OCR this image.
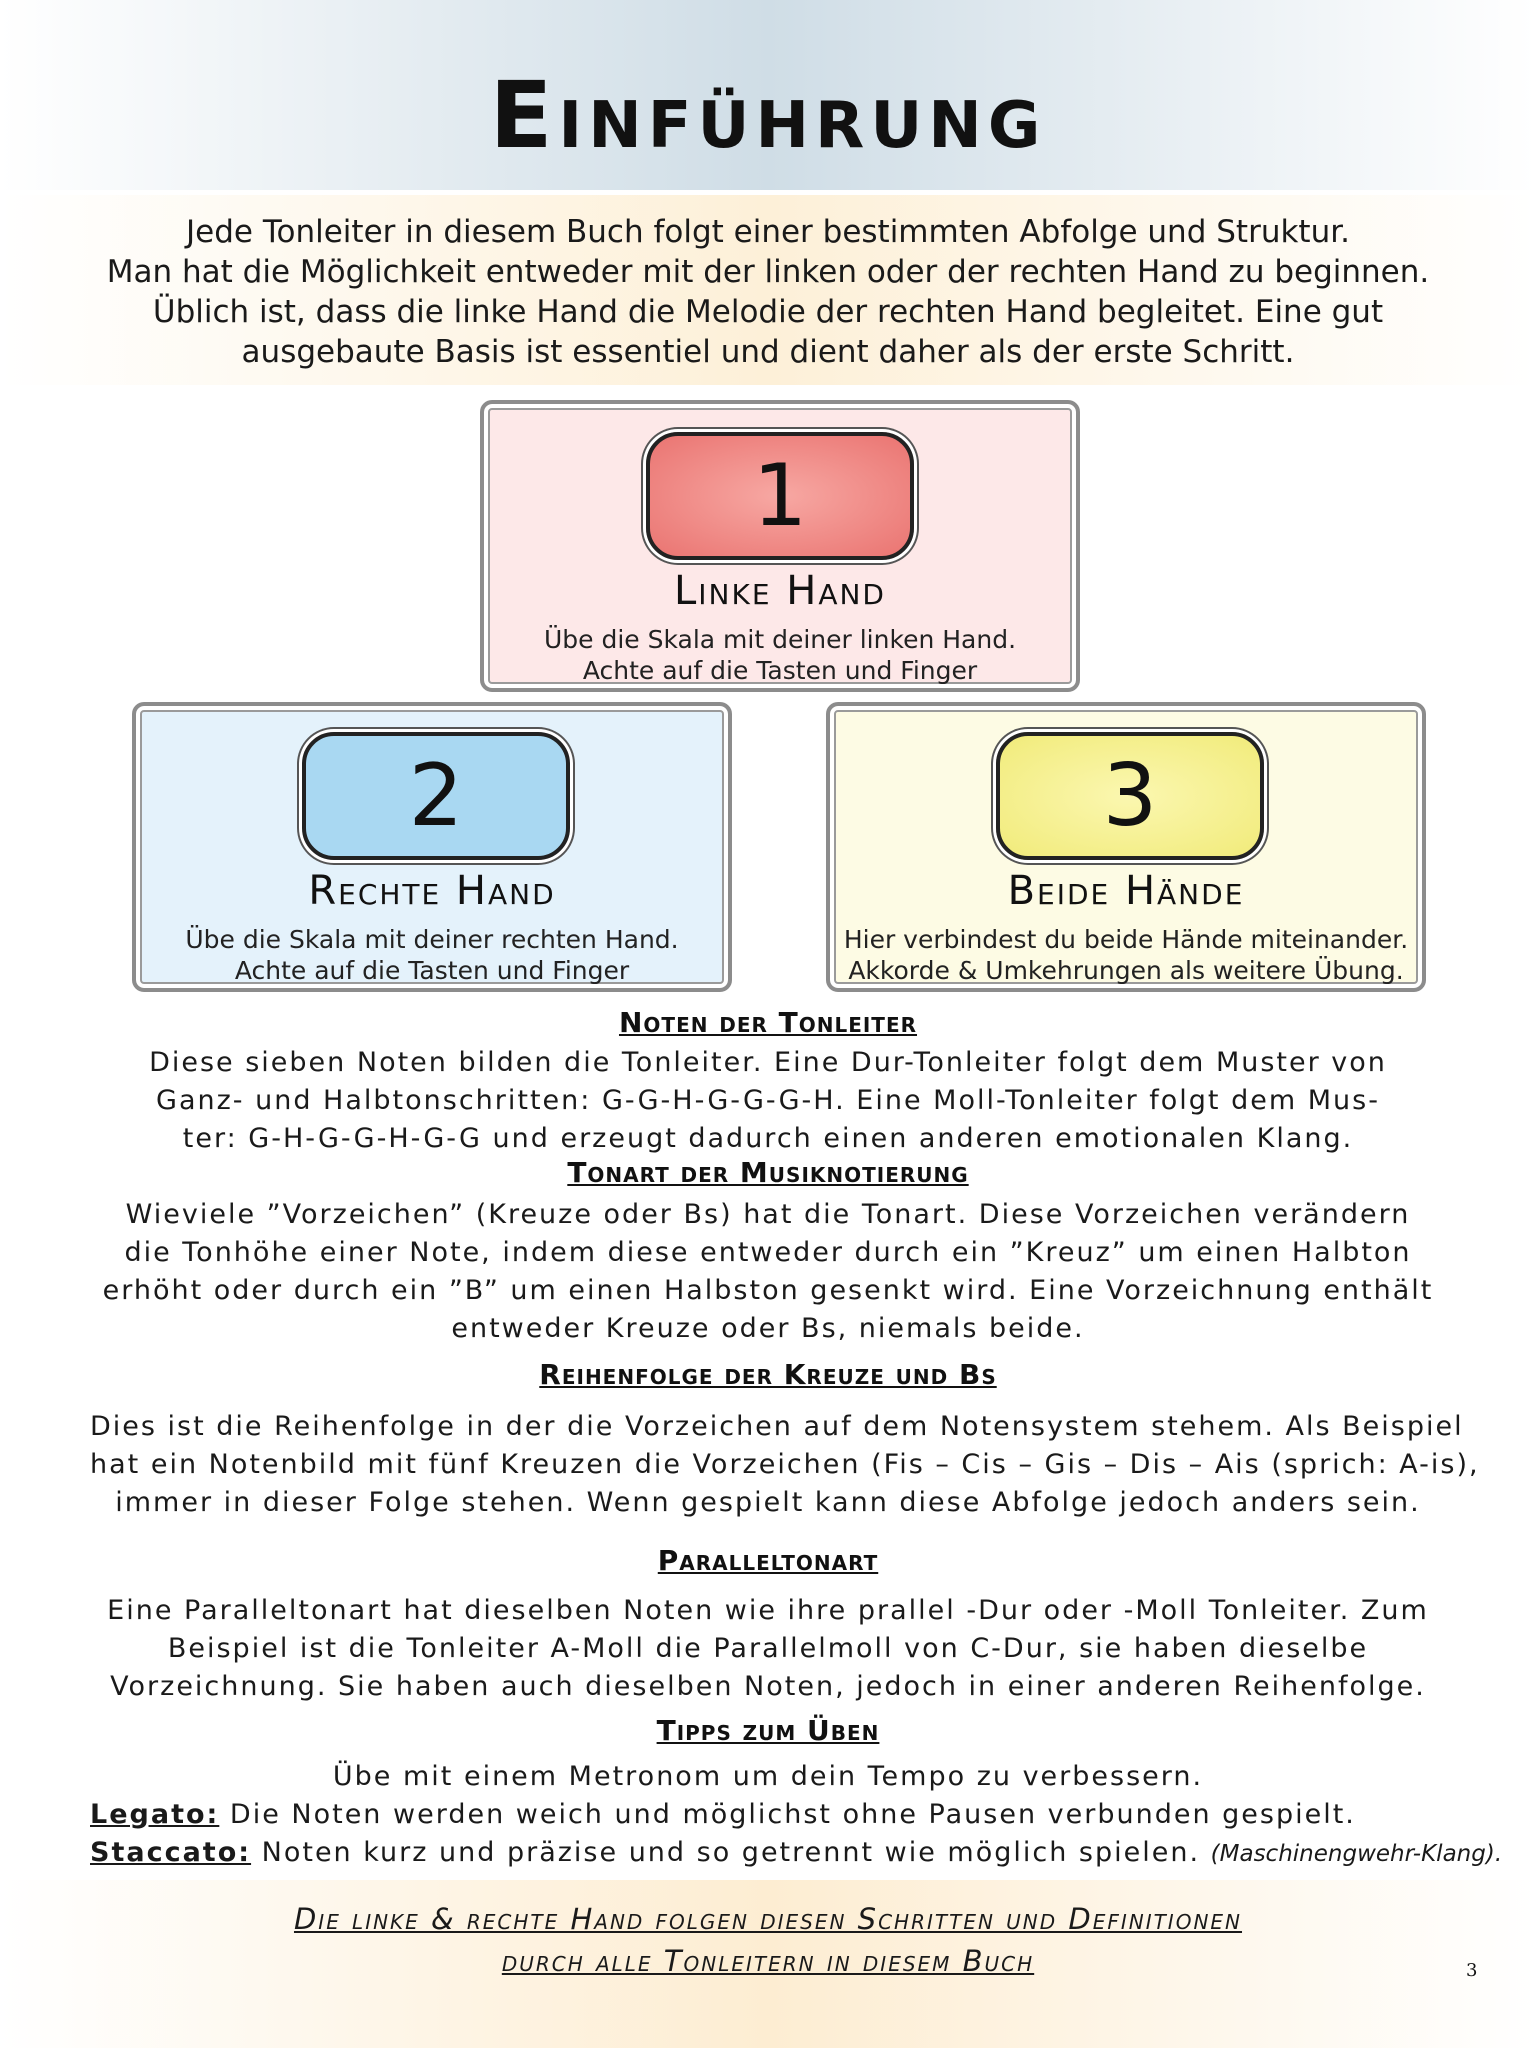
Einführung
Jede Tonleiter in diesem Buch folgt einer bestimmten Abfolge und Struktur.
Man hat die Möglichkeit entweder mit der linken oder der rechten Hand zu beginnen.
Üblich ist, dass die linke Hand die Melodie der rechten Hand begleitet. Eine gut
ausgebaute Basis ist essentiel und dient daher als der erste Schritt.
1
Linke Hand
Übe die Skala mit deiner linken Hand.
Achte auf die Tasten und Finger
2
Rechte Hand
Übe die Skala mit deiner rechten Hand.
Achte auf die Tasten und Finger
3
Beide Hände
Hier verbindest du beide Hände miteinander.
Akkorde & Umkehrungen als weitere Übung.
Noten der Tonleiter
Diese sieben Noten bilden die Tonleiter. Eine Dur-Tonleiter folgt dem Muster von
Ganz- und Halbtonschritten: G-G-H-G-G-G-H. Eine Moll-Tonleiter folgt dem Mus-
ter: G-H-G-G-H-G-G und erzeugt dadurch einen anderen emotionalen Klang.
Tonart der Musiknotierung
Wieviele ”Vorzeichen” (Kreuze oder Bs) hat die Tonart. Diese Vorzeichen verändern
die Tonhöhe einer Note, indem diese entweder durch ein ”Kreuz” um einen Halbton
erhöht oder durch ein ”B” um einen Halbston gesenkt wird. Eine Vorzeichnung enthält
entweder Kreuze oder Bs, niemals beide.
Reihenfolge der Kreuze und Bs
Dies ist die Reihenfolge in der die Vorzeichen auf dem Notensystem stehem. Als Beispiel
hat ein Notenbild mit fünf Kreuzen die Vorzeichen (Fis – Cis – Gis – Dis – Ais (sprich: A-is),
immer in dieser Folge stehen. Wenn gespielt kann diese Abfolge jedoch anders sein.
Paralleltonart
Eine Paralleltonart hat dieselben Noten wie ihre prallel -Dur oder -Moll Tonleiter. Zum
Beispiel ist die Tonleiter A-Moll die Parallelmoll von C-Dur, sie haben dieselbe
Vorzeichnung. Sie haben auch dieselben Noten, jedoch in einer anderen Reihenfolge.
Tipps zum Üben
Übe mit einem Metronom um dein Tempo zu verbessern.
Legato: Die Noten werden weich und möglichst ohne Pausen verbunden gespielt.
Staccato: Noten kurz und präzise und so getrennt wie möglich spielen. (Maschinengwehr-Klang).
Die linke & rechte Hand folgen diesen Schritten und Definitionen
durch alle Tonleitern in diesem Buch	3
